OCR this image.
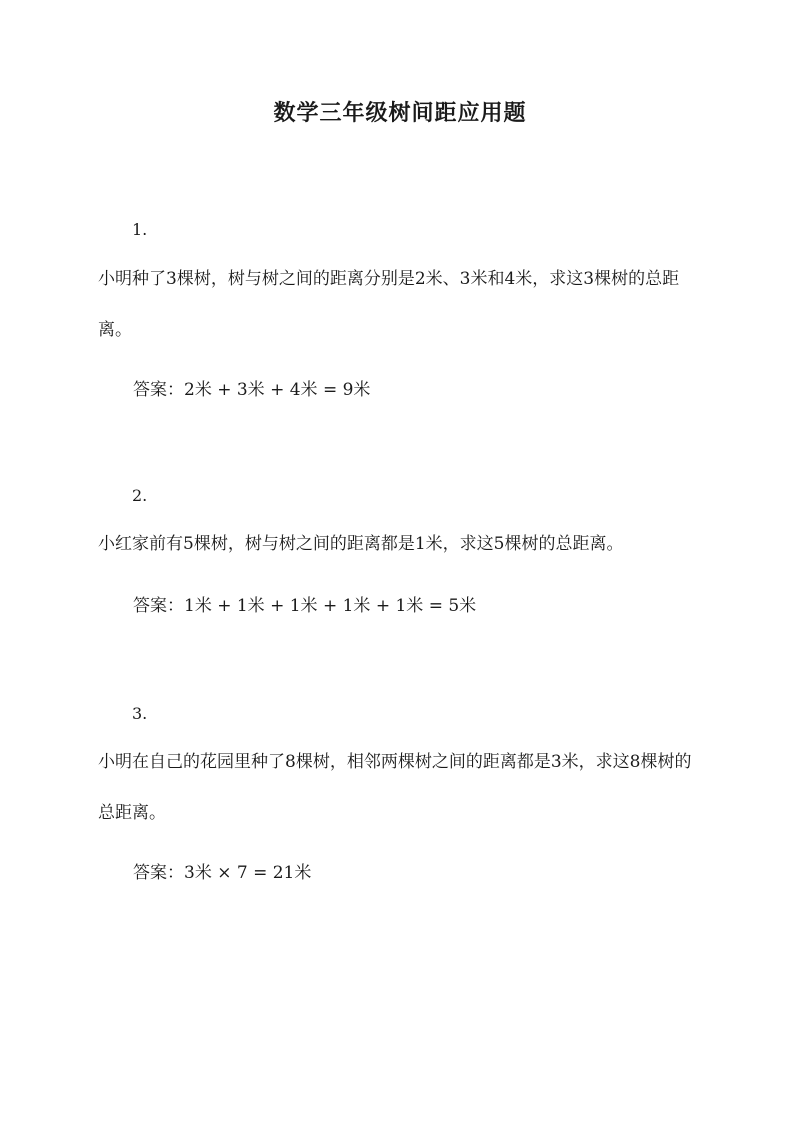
数学三年级树间距应用题
1.
小明种了3棵树，树与树之间的距离分别是2米、3米和4米，求这3棵树的总距离。
答案：2米 + 3米 + 4米 = 9米
2.
小红家前有5棵树，树与树之间的距离都是1米，求这5棵树的总距离。
答案：1米 + 1米 + 1米 + 1米 + 1米 = 5米
3.
小明在自己的花园里种了8棵树，相邻两棵树之间的距离都是3米，求这8棵树的总距离。
答案：3米 × 7 = 21米
